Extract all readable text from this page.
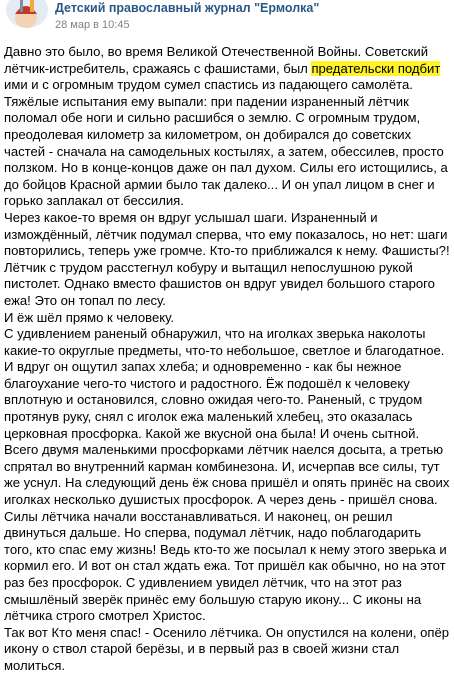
Детский православный журнал "Ермолка"
28 мар в 10:45

Давно это было, во время Великой Отечественной Войны. Советский лётчик-истребитель, сражаясь с фашистами, был предательски подбит ими и с огромным трудом сумел спастись из падающего самолёта. Тяжёлые испытания ему выпали: при падении израненный лётчик поломал обе ноги и сильно расшибся о землю. С огромным трудом, преодолевая километр за километром, он добирался до советских частей - сначала на самодельных костылях, а затем, обессилев, просто ползком. Но в конце-концов даже он пал духом. Силы его истощились, а до бойцов Красной армии было так далеко... И он упал лицом в снег и горько заплакал от бессилия.

Через какое-то время он вдруг услышал шаги. Израненный и измождённый, лётчик подумал сперва, что ему показалось, но нет: шаги повторились, теперь уже громче. Кто-то приближался к нему. Фашисты?! Лётчик с трудом расстегнул кобуру и вытащил непослушною рукой пистолет. Однако вместо фашистов он вдруг увидел большого старого ежа! Это он топал по лесу.

И ёж шёл прямо к человеку.

С удивлением раненый обнаружил, что на иголках зверька наколоты какие-то округлые предметы, что-то небольшое, светлое и благодатное. И вдруг он ощутил запах хлеба; и одновременно - как бы нежное благоухание чего-то чистого и радостного. Ёж подошёл к человеку вплотную и остановился, словно ожидая чего-то. Раненый, с трудом протянув руку, снял с иголок ежа маленький хлебец, это оказалась церковная просфорка. Какой же вкусной она была! И очень сытной. Всего двумя маленькими просфорками лётчик наелся досыта, а третью спрятал во внутренний карман комбинезона. И, исчерпав все силы, тут же уснул. На следующий день ёж снова пришёл и опять принёс на своих иголках несколько душистых просфорок. А через день - пришёл снова. Силы лётчика начали восстанавливаться. И наконец, он решил двинуться дальше. Но сперва, подумал лётчик, надо поблагодарить того, кто спас ему жизнь! Ведь кто-то же посылал к нему этого зверька и кормил его. И вот он стал ждать ежа. Тот пришёл как обычно, но на этот раз без просфорок. С удивлением увидел лётчик, что на этот раз смышлёный зверёк принёс ему большую старую икону... С иконы на лётчика строго смотрел Христос.

Так вот Кто меня спас! - Осенило лётчика. Он опустился на колени, опёр икону о ствол старой берёзы, и в первый раз в своей жизни стал молиться.
